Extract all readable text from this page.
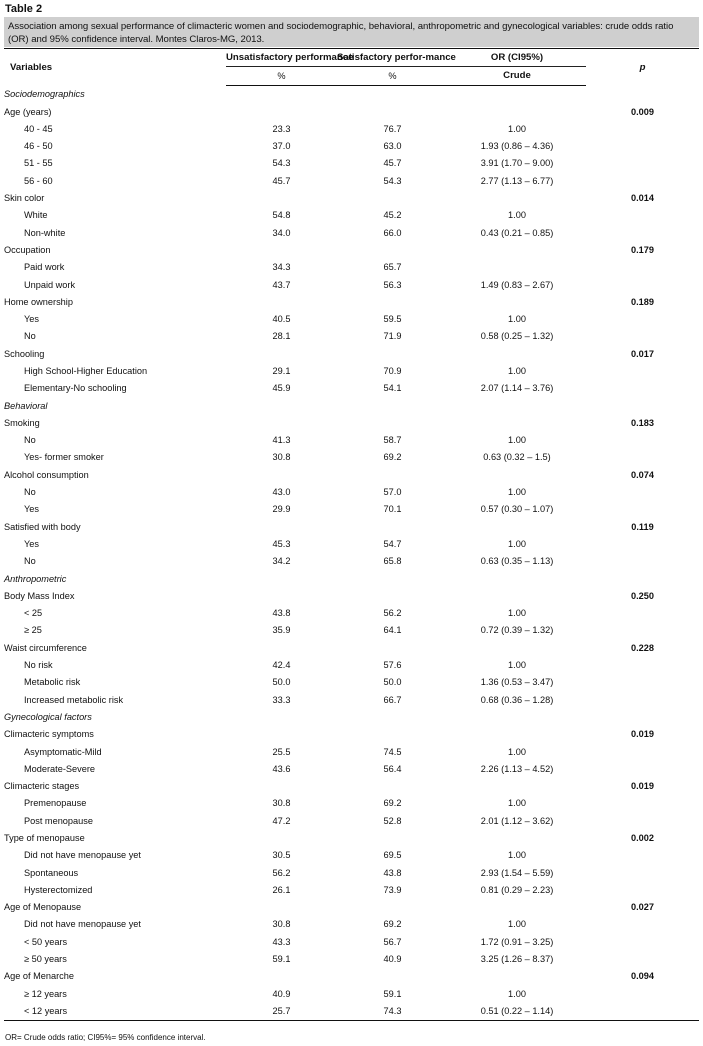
Table 2
Association among sexual performance of climacteric women and sociodemographic, behavioral, anthropometric and gynecological variables: crude odds ratio (OR) and 95% confidence interval. Montes Claros-MG, 2013.
Variables	Unsatisfactory performance	Satisfactory perfor-mance	OR (CI95%)	p
	%	%	Crude	
Sociodemographics				
Age (years)				0.009
40 - 45	23.3	76.7	1.00	
46 - 50	37.0	63.0	1.93 (0.86 – 4.36)	
51 - 55	54.3	45.7	3.91 (1.70 – 9.00)	
56 - 60	45.7	54.3	2.77 (1.13 – 6.77)	
Skin color				0.014
White	54.8	45.2	1.00	
Non-white	34.0	66.0	0.43 (0.21 – 0.85)	
Occupation				0.179
Paid work	34.3	65.7		
Unpaid work	43.7	56.3	1.49 (0.83 – 2.67)	
Home ownership				0.189
Yes	40.5	59.5	1.00	
No	28.1	71.9	0.58 (0.25 – 1.32)	
Schooling				0.017
High School-Higher Education	29.1	70.9	1.00	
Elementary-No schooling	45.9	54.1	2.07 (1.14 – 3.76)	
Behavioral				
Smoking				0.183
No	41.3	58.7	1.00	
Yes- former smoker	30.8	69.2	0.63 (0.32 – 1.5)	
Alcohol consumption				0.074
No	43.0	57.0	1.00	
Yes	29.9	70.1	0.57 (0.30 – 1.07)	
Satisfied with body				0.119
Yes	45.3	54.7	1.00	
No	34.2	65.8	0.63 (0.35 – 1.13)	
Anthropometric				
Body Mass Index				0.250
< 25	43.8	56.2	1.00	
≥ 25	35.9	64.1	0.72 (0.39 – 1.32)	
Waist circumference				0.228
No risk	42.4	57.6	1.00	
Metabolic risk	50.0	50.0	1.36 (0.53 – 3.47)	
Increased metabolic risk	33.3	66.7	0.68 (0.36 – 1.28)	
Gynecological factors				
Climacteric symptoms				0.019
Asymptomatic-Mild	25.5	74.5	1.00	
Moderate-Severe	43.6	56.4	2.26 (1.13 – 4.52)	
Climacteric stages				0.019
Premenopause	30.8	69.2	1.00	
Post menopause	47.2	52.8	2.01 (1.12 – 3.62)	
Type of menopause				0.002
Did not have menopause yet	30.5	69.5	1.00	
Spontaneous	56.2	43.8	2.93 (1.54 – 5.59)	
Hysterectomized	26.1	73.9	0.81 (0.29 – 2.23)	
Age of Menopause				0.027
Did not have menopause yet	30.8	69.2	1.00	
< 50 years	43.3	56.7	1.72 (0.91 – 3.25)	
≥ 50 years	59.1	40.9	3.25 (1.26 – 8.37)	
Age of Menarche				0.094
≥ 12 years	40.9	59.1	1.00	
< 12 years	25.7	74.3	0.51 (0.22 – 1.14)	
OR= Crude odds ratio; CI95%= 95% confidence interval.
